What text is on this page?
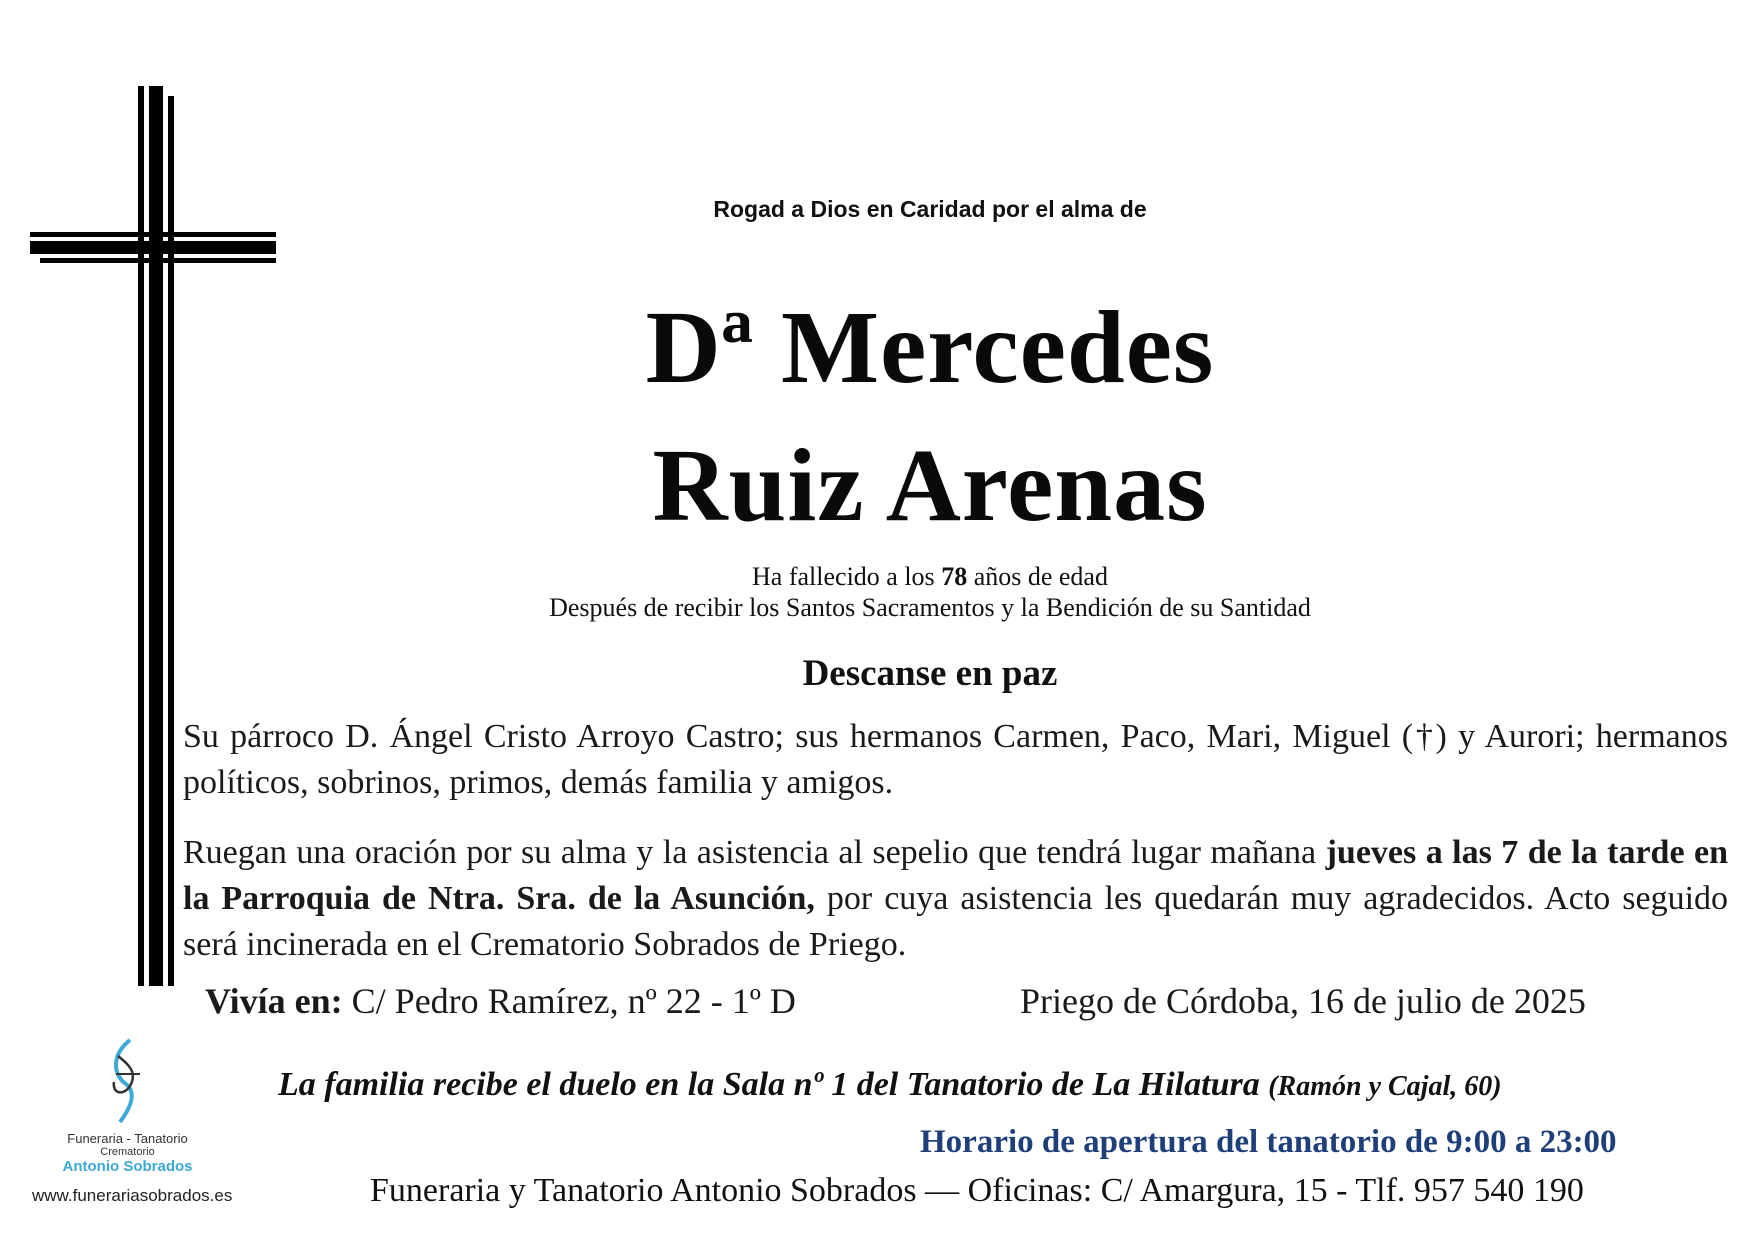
Rogad a Dios en Caridad por el alma de
Dª Mercedes
Ruiz Arenas
Ha fallecido a los 78 años de edad
Después de recibir los Santos Sacramentos y la Bendición de su Santidad
Descanse en paz
Su párroco D. Ángel Cristo Arroyo Castro; sus hermanos Carmen, Paco, Mari, Miguel (†) y Aurori; hermanos políticos, sobrinos, primos, demás familia y amigos.
Ruegan una oración por su alma y la asistencia al sepelio que tendrá lugar mañana jueves a las 7 de la tarde en la Parroquia de Ntra. Sra. de la Asunción, por cuya asistencia les quedarán muy agradecidos. Acto seguido será incinerada en el Crematorio Sobrados de Priego.
Vivía en: C/ Pedro Ramírez, nº 22 - 1º D	Priego de Córdoba, 16 de julio de 2025
La familia recibe el duelo en la Sala nº 1 del Tanatorio de La Hilatura (Ramón y Cajal, 60)
Horario de apertura del tanatorio de 9:00 a 23:00
Funeraria y Tanatorio Antonio Sobrados — Oficinas: C/ Amargura, 15 - Tlf. 957 540 190
Funeraria - Tanatorio
Crematorio
Antonio Sobrados
www.funerariasobrados.es
